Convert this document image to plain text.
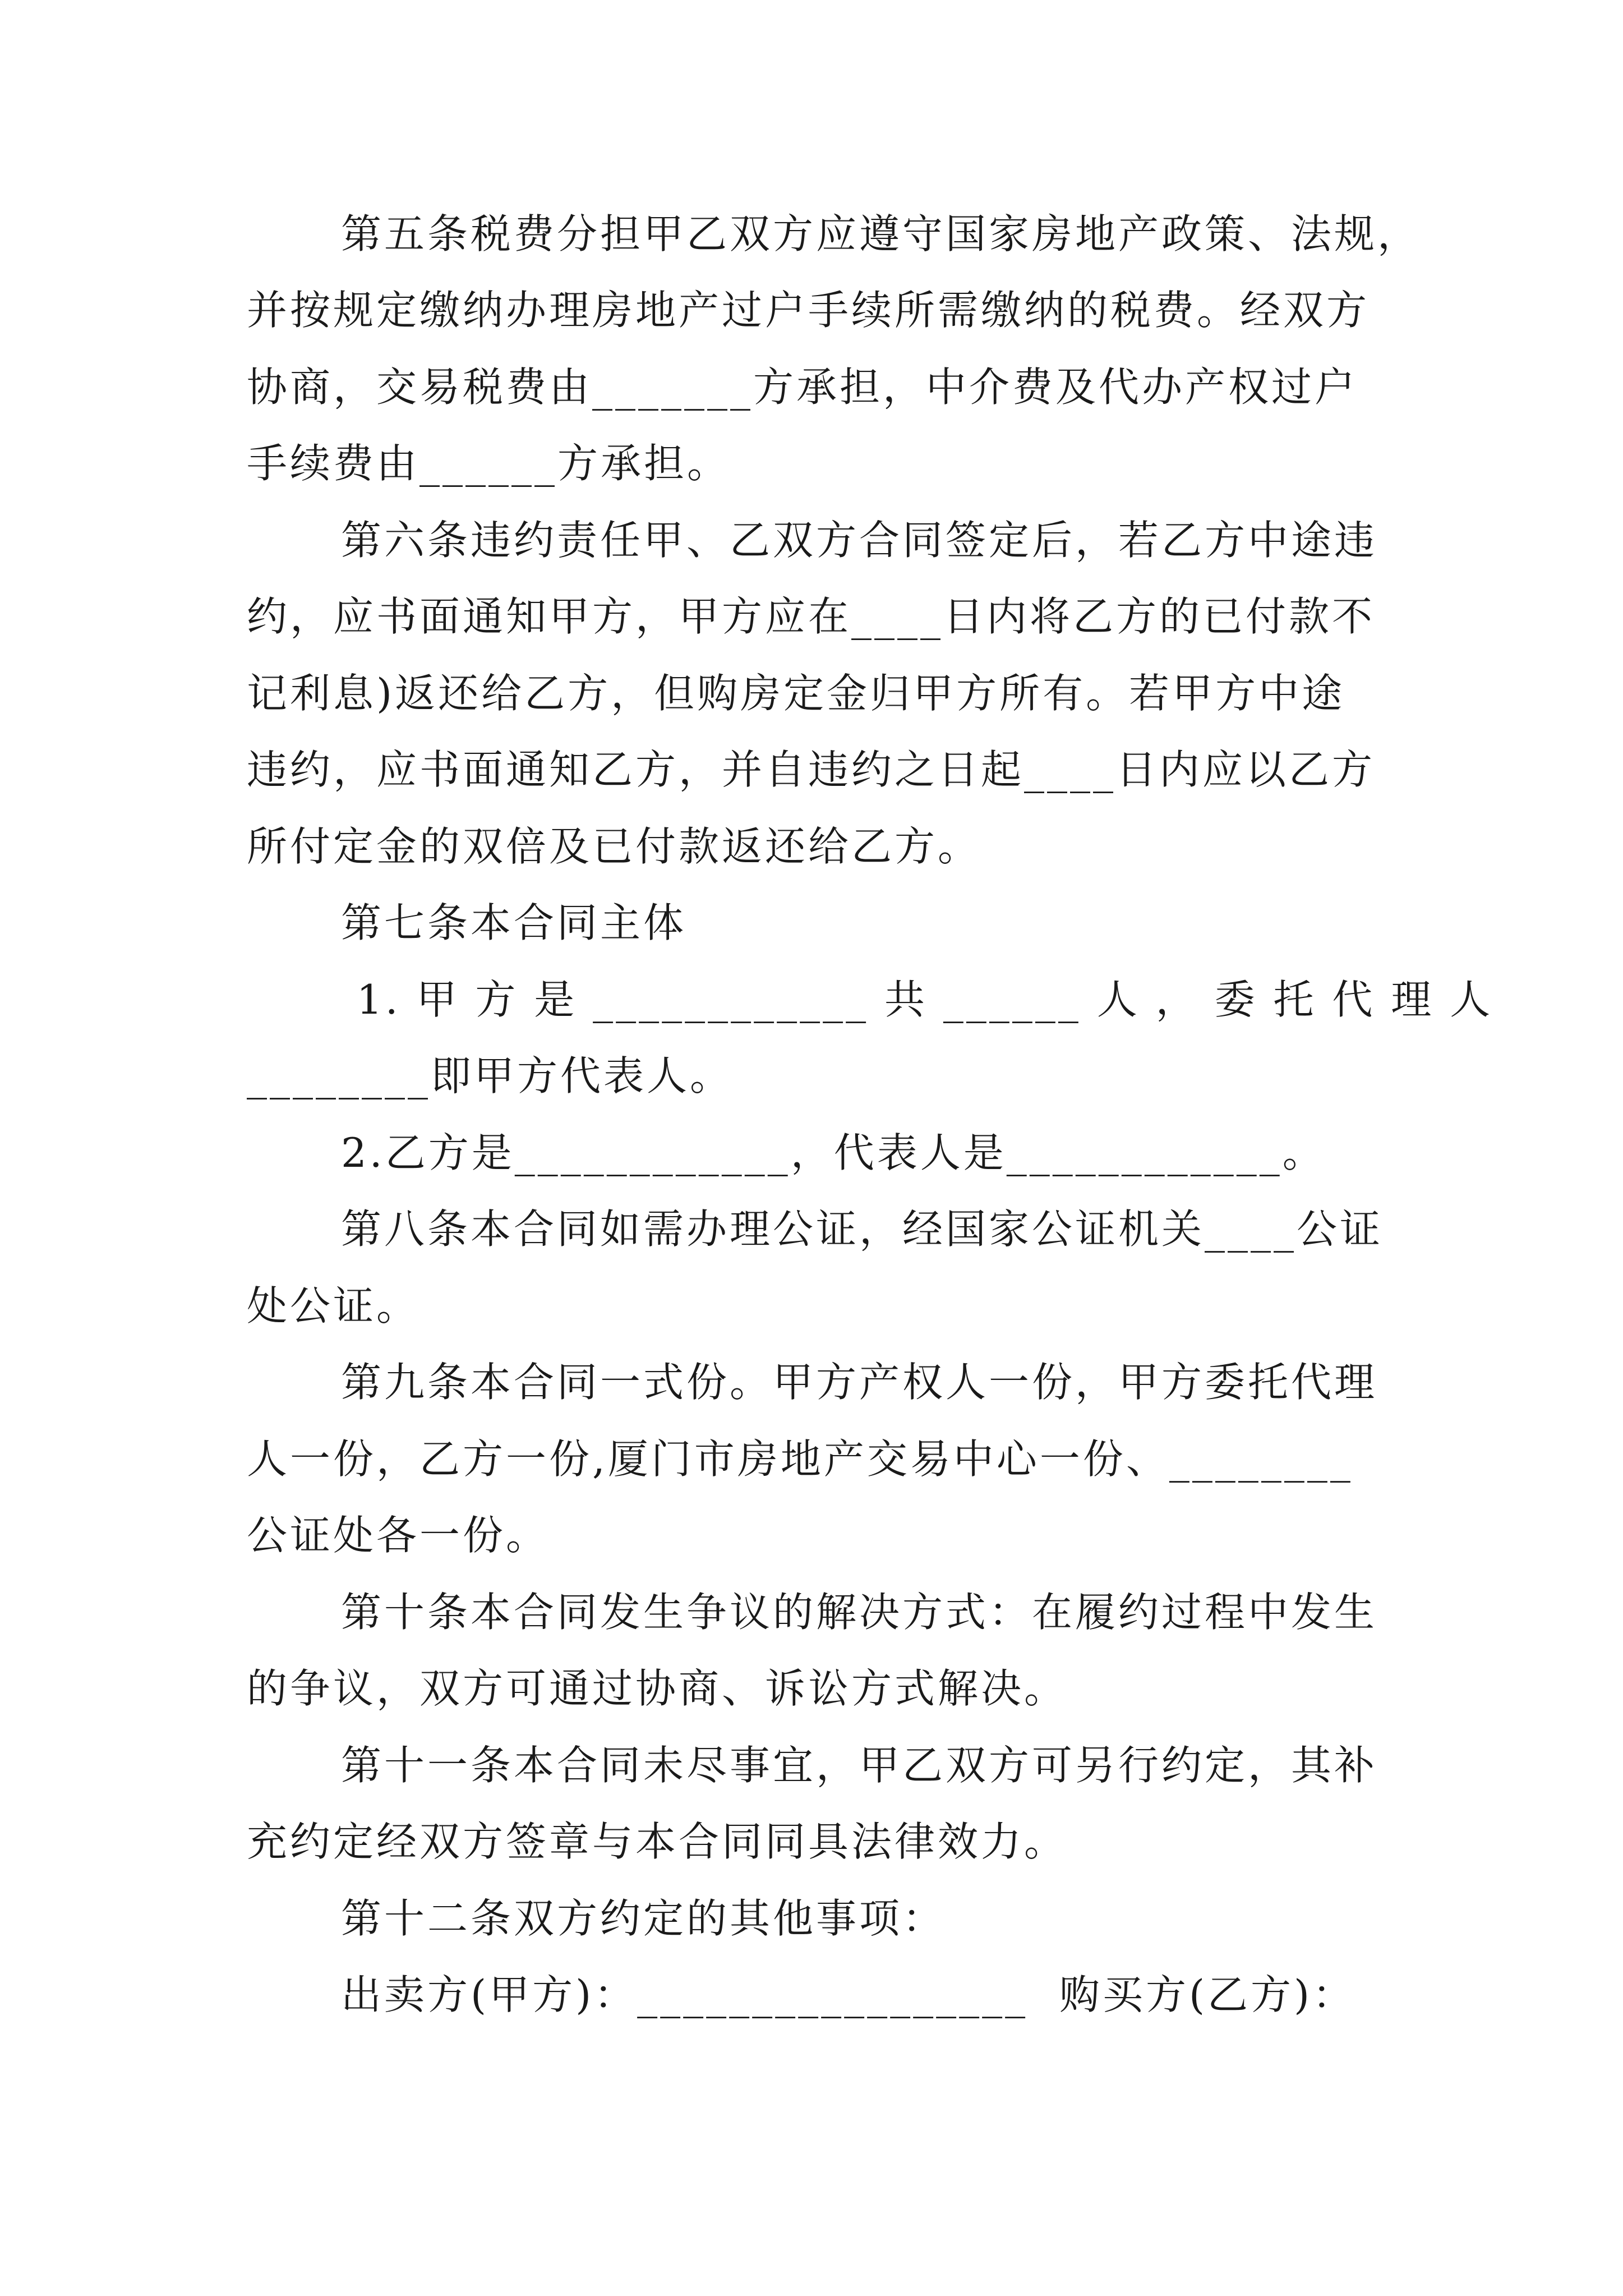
第五条税费分担甲乙双方应遵守国家房地产政策、法规，
并按规定缴纳办理房地产过户手续所需缴纳的税费。经双方
协商，交易税费由_______方承担，中介费及代办产权过户
手续费由______方承担。
第六条违约责任甲、乙双方合同签定后，若乙方中途违
约，应书面通知甲方，甲方应在____日内将乙方的已付款不
记利息)返还给乙方，但购房定金归甲方所有。若甲方中途
违约，应书面通知乙方，并自违约之日起____日内应以乙方
所付定金的双倍及已付款返还给乙方。
第七条本合同主体
1. 甲 方 是 ____________ 共 ______ 人 ， 委 托 代 理 人
________即甲方代表人。
2.乙方是____________，代表人是____________。
第八条本合同如需办理公证，经国家公证机关____公证
处公证。
第九条本合同一式份。甲方产权人一份，甲方委托代理
人一份，乙方一份,厦门市房地产交易中心一份、________
公证处各一份。
第十条本合同发生争议的解决方式：在履约过程中发生
的争议，双方可通过协商、诉讼方式解决。
第十一条本合同未尽事宜，甲乙双方可另行约定，其补
充约定经双方签章与本合同同具法律效力。
第十二条双方约定的其他事项：
出卖方(甲方)：_________________  购买方(乙方)：
